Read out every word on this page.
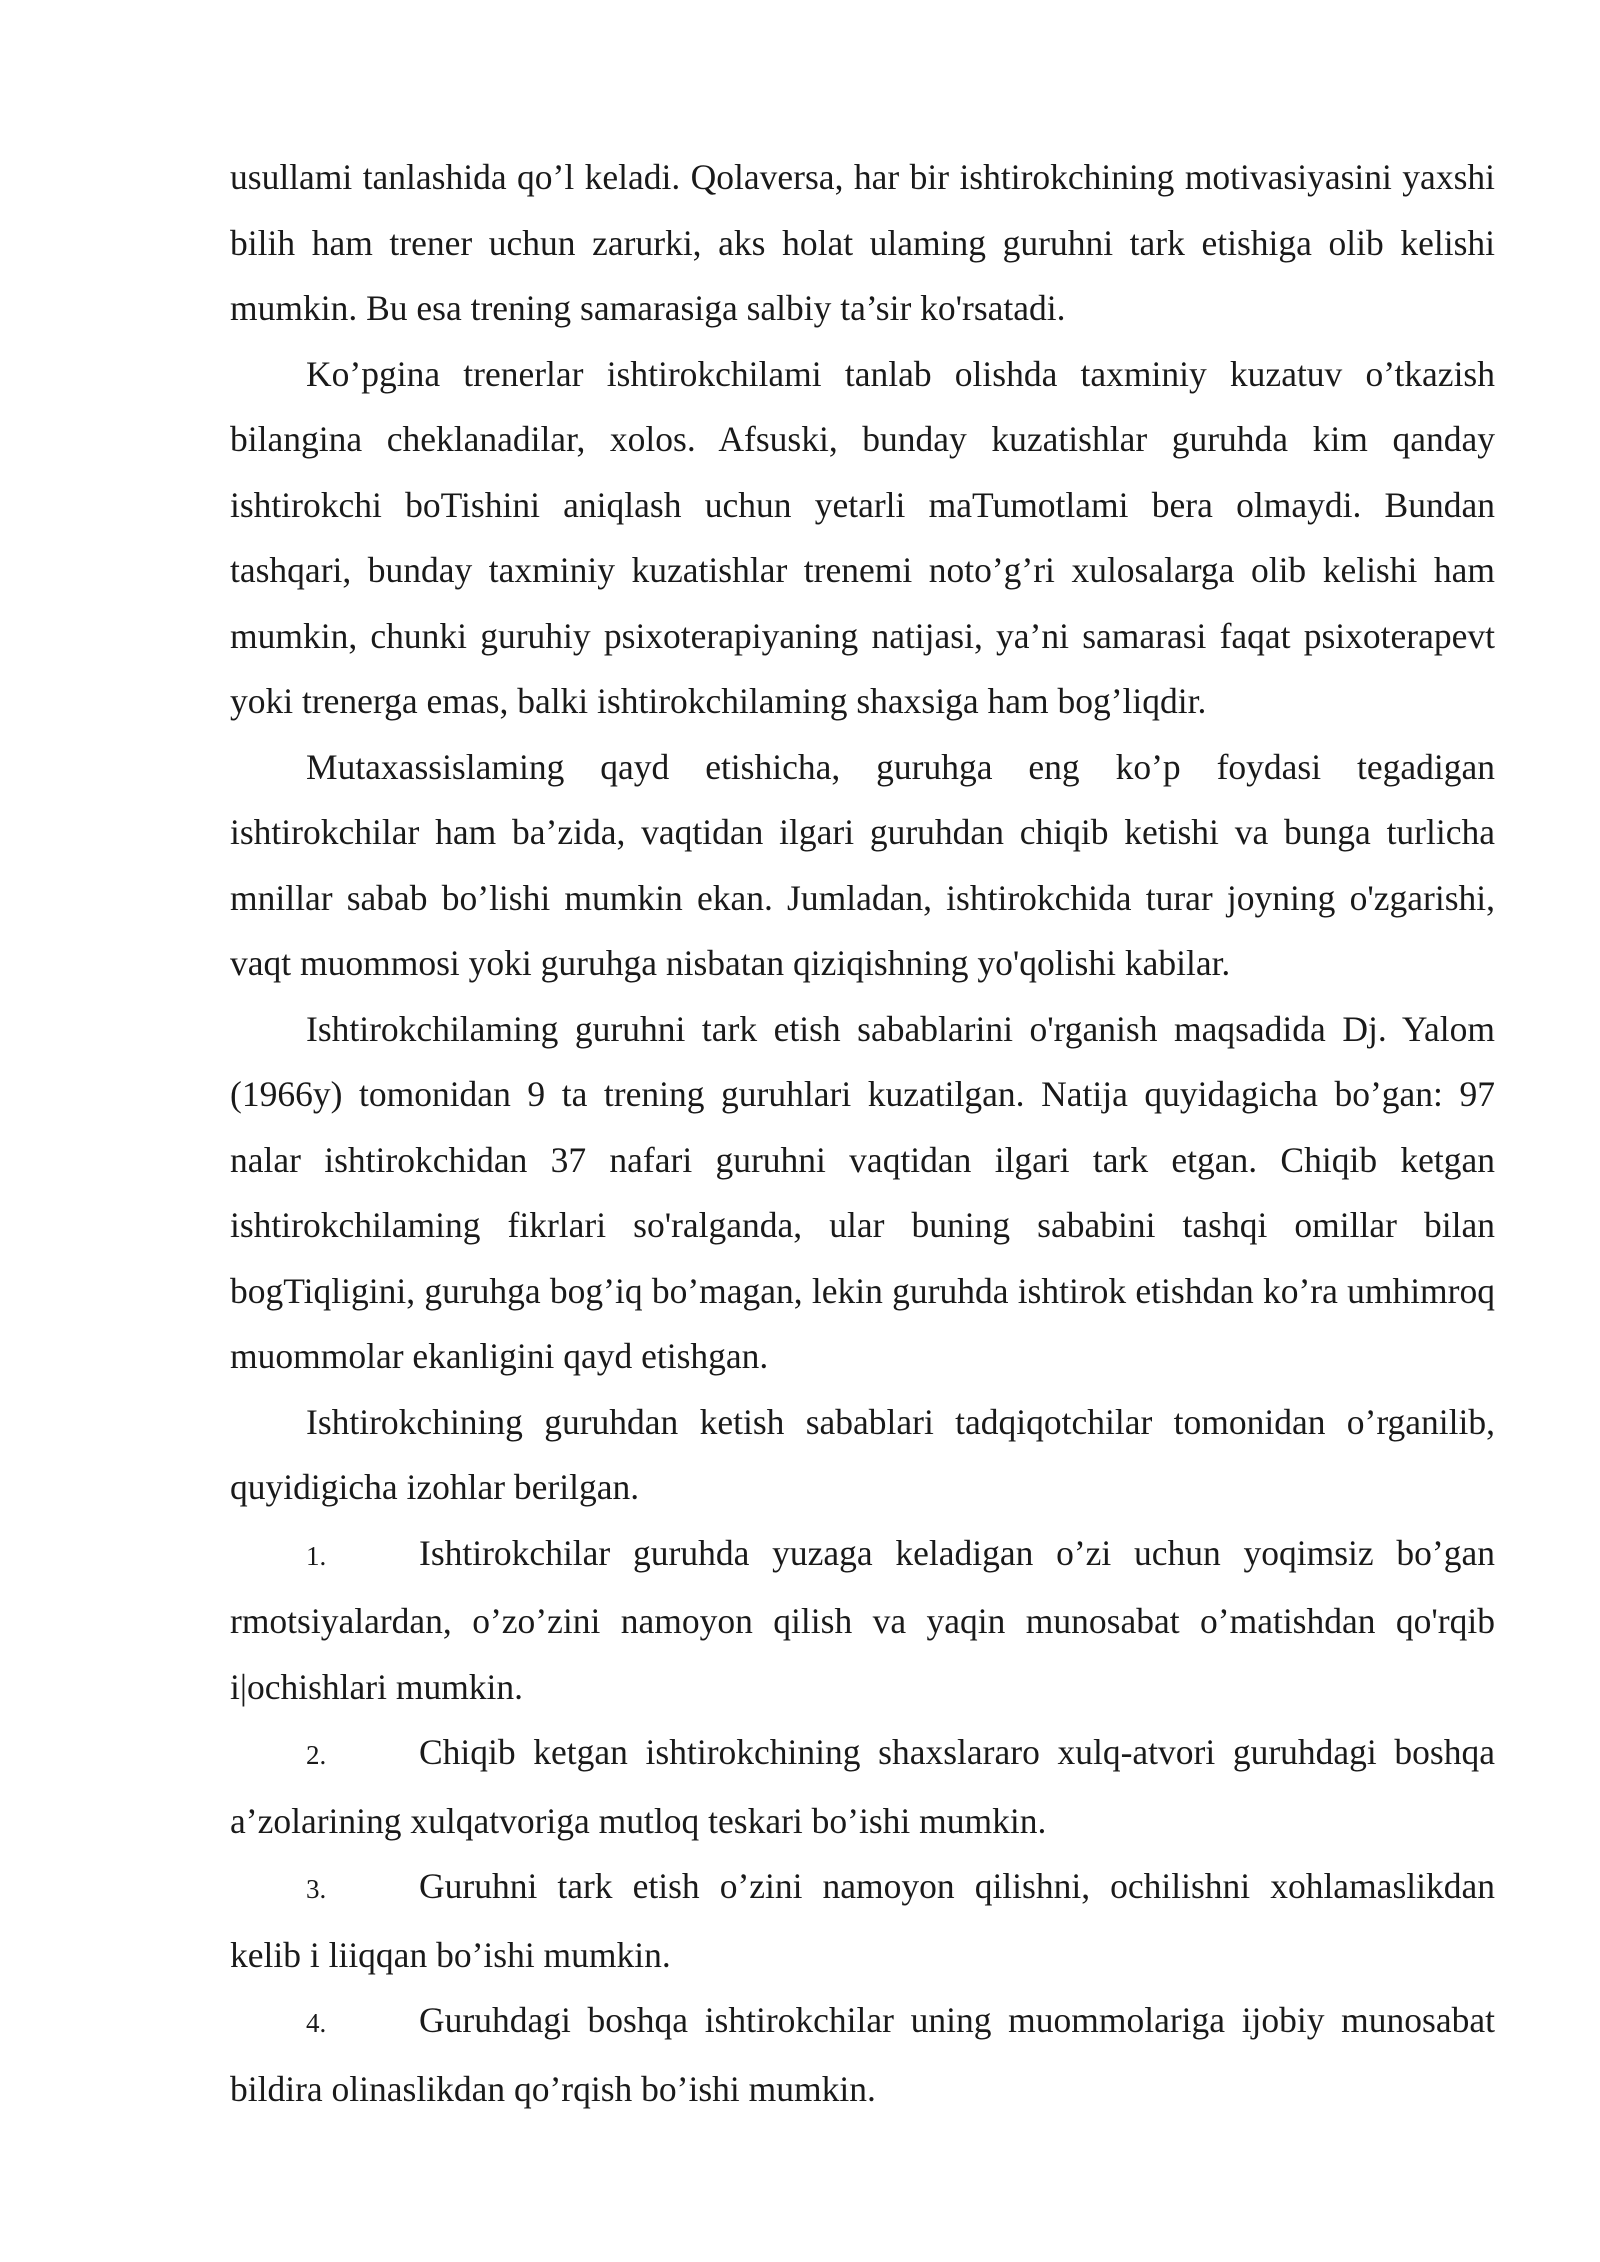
usullami tanlashida qo’l keladi. Qolaversa, har bir ishtirokchining motivasiyasini yaxshi bilih ham trener uchun zarurki, aks holat ulaming guruhni tark etishiga olib kelishi mumkin. Bu esa trening samarasiga salbiy ta’sir ko'rsatadi.

Ko’pgina trenerlar ishtirokchilami tanlab olishda taxminiy kuzatuv o’tkazish bilangina cheklanadilar, xolos. Afsuski, bunday kuzatishlar guruhda kim qanday ishtirokchi boTishini aniqlash uchun yetarli maTumotlami bera olmaydi. Bundan tashqari, bunday taxminiy kuzatishlar trenemi noto’g’ri xulosalarga olib kelishi ham mumkin, chunki guruhiy psixoterapiyaning natijasi, ya’ni samarasi faqat psixoterapevt yoki trenerga emas, balki ishtirokchilaming shaxsiga ham bog’liqdir.

Mutaxassislaming qayd etishicha, guruhga eng ko’p foydasi tegadigan ishtirokchilar ham ba’zida, vaqtidan ilgari guruhdan chiqib ketishi va bunga turlicha mnillar sabab bo’lishi mumkin ekan. Jumladan, ishtirokchida turar joyning o'zgarishi, vaqt muommosi yoki guruhga nisbatan qiziqishning yo'qolishi kabilar.

Ishtirokchilaming guruhni tark etish sabablarini o'rganish maqsadida Dj. Yalom (1966y) tomonidan 9 ta trening guruhlari kuzatilgan. Natija quyidagicha bo’gan: 97 nalar ishtirokchidan 37 nafari guruhni vaqtidan ilgari tark etgan. Chiqib ketgan ishtirokchilaming fikrlari so'ralganda, ular buning sababini tashqi omillar bilan bogTiqligini, guruhga bog’iq bo’magan, lekin guruhda ishtirok etishdan ko’ra umhimroq muommolar ekanligini qayd etishgan.

Ishtirokchining guruhdan ketish sabablari tadqiqotchilar tomonidan o’rganilib, quyidigicha izohlar berilgan.

1.	Ishtirokchilar guruhda yuzaga keladigan o’zi uchun yoqimsiz bo’gan rmotsiyalardan, o’zo’zini namoyon qilish va yaqin munosabat o’matishdan qo'rqib i|ochishlari mumkin.

2.	Chiqib ketgan ishtirokchining shaxslararo xulq-atvori guruhdagi boshqa a’zolarining xulqatvoriga mutloq teskari bo’ishi mumkin.

3.	Guruhni tark etish o’zini namoyon qilishni, ochilishni xohlamaslikdan kelib i liiqqan bo’ishi mumkin.

4.	Guruhdagi boshqa ishtirokchilar uning muommolariga ijobiy munosabat bildira olinaslikdan qo’rqish bo’ishi mumkin.
